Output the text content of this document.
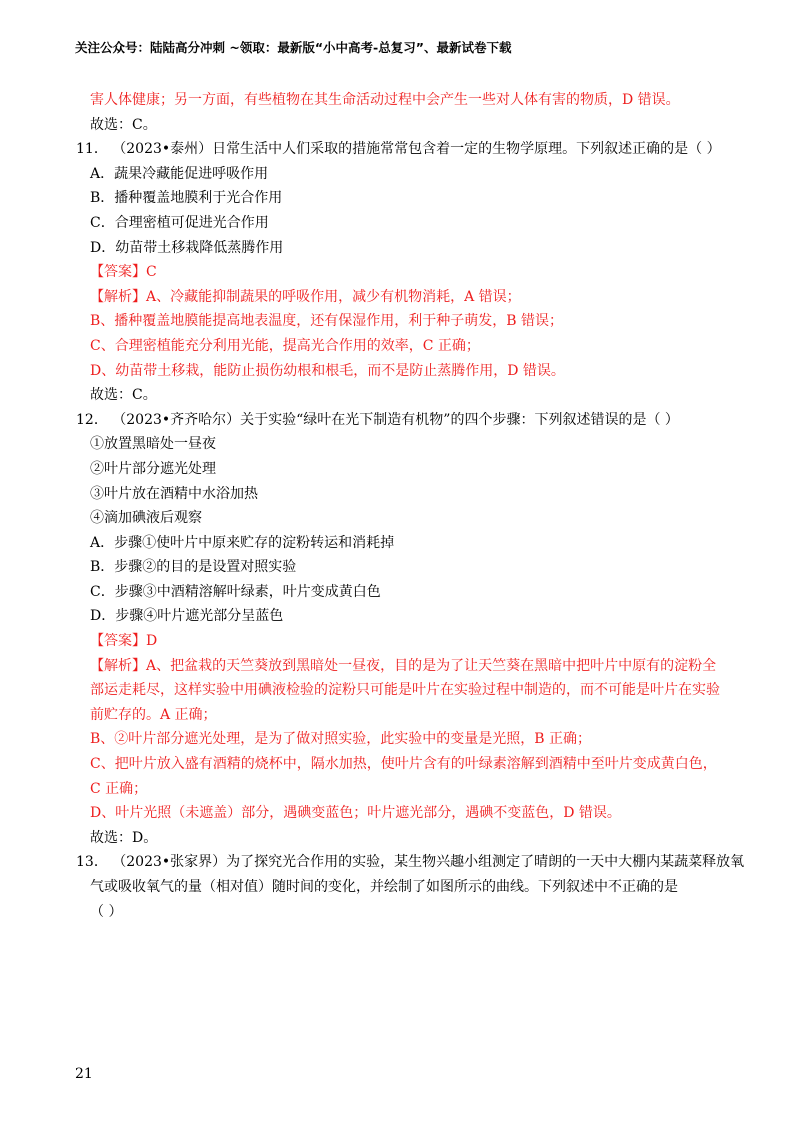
关注公众号：陆陆高分冲刺 ~领取：最新版“小中高考-总复习”、最新试卷下载
害人体健康；另一方面，有些植物在其生命活动过程中会产生一些对人体有害的物质，D 错误。
故选：C。
11． （2023•泰州）日常生活中人们采取的措施常常包含着一定的生物学原理。下列叙述正确的是（ ）
A．蔬果冷藏能促进呼吸作用
B．播种覆盖地膜利于光合作用
C．合理密植可促进光合作用
D．幼苗带土移栽降低蒸腾作用
【答案】C
【解析】A、冷藏能抑制蔬果的呼吸作用，减少有机物消耗，A 错误；
B、播种覆盖地膜能提高地表温度，还有保湿作用，利于种子萌发，B 错误；
C、合理密植能充分利用光能，提高光合作用的效率，C 正确；
D、幼苗带土移栽，能防止损伤幼根和根毛，而不是防止蒸腾作用，D 错误。
故选：C。
12． （2023•齐齐哈尔）关于实验“绿叶在光下制造有机物”的四个步骤：下列叙述错误的是（ ）
①放置黑暗处一昼夜
②叶片部分遮光处理
③叶片放在酒精中水浴加热
④滴加碘液后观察
A．步骤①使叶片中原来贮存的淀粉转运和消耗掉
B．步骤②的目的是设置对照实验
C．步骤③中酒精溶解叶绿素，叶片变成黄白色
D．步骤④叶片遮光部分呈蓝色
【答案】D
【解析】A、把盆栽的天竺葵放到黑暗处一昼夜，目的是为了让天竺葵在黑暗中把叶片中原有的淀粉全
部运走耗尽，这样实验中用碘液检验的淀粉只可能是叶片在实验过程中制造的，而不可能是叶片在实验
前贮存的。A 正确；
B、②叶片部分遮光处理，是为了做对照实验，此实验中的变量是光照，B 正确；
C、把叶片放入盛有酒精的烧杯中，隔水加热，使叶片含有的叶绿素溶解到酒精中至叶片变成黄白色，
C 正确；
D、叶片光照（未遮盖）部分，遇碘变蓝色；叶片遮光部分，遇碘不变蓝色，D 错误。
故选：D。
13． （2023•张家界）为了探究光合作用的实验，某生物兴趣小组测定了晴朗的一天中大棚内某蔬菜释放氧
气或吸收氧气的量（相对值）随时间的变化，并绘制了如图所示的曲线。下列叙述中不正确的是
（ ）
21
